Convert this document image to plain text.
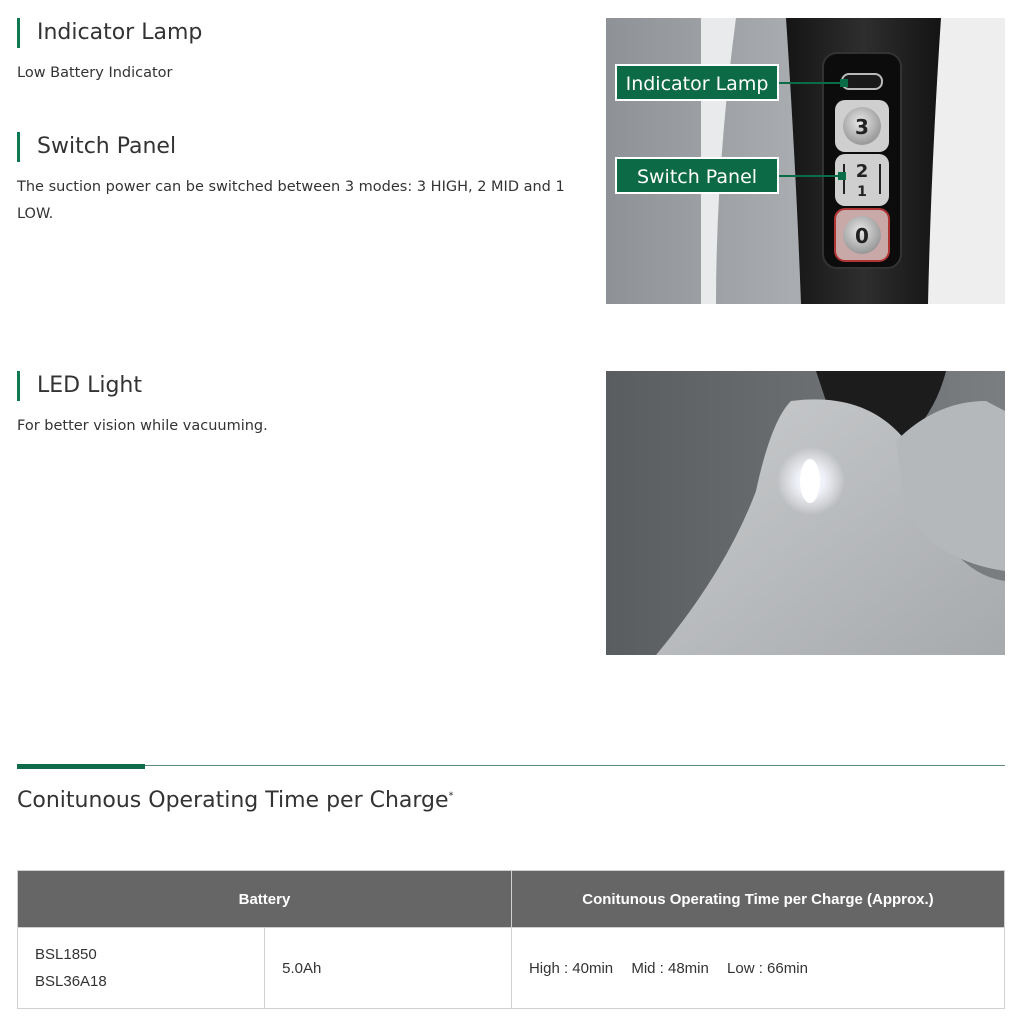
Indicator Lamp

Low Battery Indicator

Switch Panel

The suction power can be switched between 3 modes: 3 HIGH, 2 MID and 1 LOW.

LED Light

For better vision while vacuuming.

3
2
1
0
Indicator Lamp
Switch Panel
Conitunous Operating Time per Charge*
Battery		Conitunous Operating Time per Charge (Approx.)

BSL1850
BSL36A18	5.0Ah	High : 40min Mid : 48min Low : 66min
